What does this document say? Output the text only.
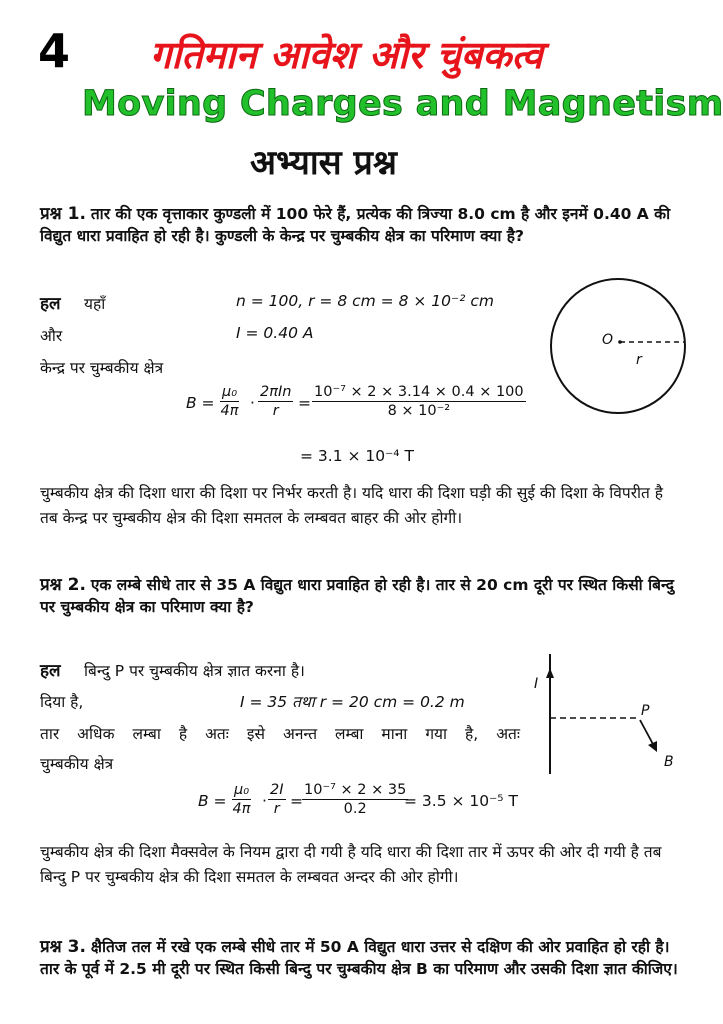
4 गतिमान आवेश और चुंबकत्व
Moving Charges and Magnetism
अभ्यास प्रश्न
प्रश्न 1. तार की एक वृत्ताकार कुण्डली में 100 फेरे हैं, प्रत्येक की त्रिज्या 8.0 cm है और इनमें 0.40 A की विद्युत धारा प्रवाहित हो रही है। कुण्डली के केन्द्र पर चुम्बकीय क्षेत्र का परिमाण क्या है?
हल यहाँ	n = 100, r = 8 cm = 8 × 10⁻² cm
और	I = 0.40 A
केन्द्र पर चुम्बकीय क्षेत्र
$B = \frac{\text{μ₀}}{4\pi}$ ·
2πIn
$r = \frac{\text{10⁻⁷ × 2 × 3.14 × 0.4 × 100}}{\text{8 × 10⁻²}}$
= 3.1 × 10⁻⁴ T
O
r
चुम्बकीय क्षेत्र की दिशा धारा की दिशा पर निर्भर करती है। यदि धारा की दिशा घड़ी की सुई की दिशा के विपरीत है तब केन्द्र पर चुम्बकीय क्षेत्र की दिशा समतल के लम्बवत बाहर की ओर होगी।
प्रश्न 2. एक लम्बे सीधे तार से 35 A विद्युत धारा प्रवाहित हो रही है। तार से 20 cm दूरी पर स्थित किसी बिन्दु पर चुम्बकीय क्षेत्र का परिमाण क्या है?
हल बिन्दु P पर चुम्बकीय क्षेत्र ज्ञात करना है।
दिया है,	I = 35 तथा r = 20 cm = 0.2 m
तार अधिक लम्बा है अतः इसे अनन्त लम्बा माना गया है, अतः
चुम्बकीय क्षेत्र
$B = \frac{\text{μ₀}}{4\pi} \cdot \frac{2I}{r} = \frac{\text{10⁻⁷ × 2 × 35}}{0.2}$
= 3.5 × 10⁻⁵ T
I
P
B
चुम्बकीय क्षेत्र की दिशा मैक्सवेल के नियम द्वारा दी गयी है यदि धारा की दिशा तार में ऊपर की ओर दी गयी है तब बिन्दु P पर चुम्बकीय क्षेत्र की दिशा समतल के लम्बवत अन्दर की ओर होगी।
प्रश्न 3. क्षैतिज तल में रखे एक लम्बे सीधे तार में 50 A विद्युत धारा उत्तर से दक्षिण की ओर प्रवाहित हो रही है। तार के पूर्व में 2.5 मी दूरी पर स्थित किसी बिन्दु पर चुम्बकीय क्षेत्र B का परिमाण और उसकी दिशा ज्ञात कीजिए।
